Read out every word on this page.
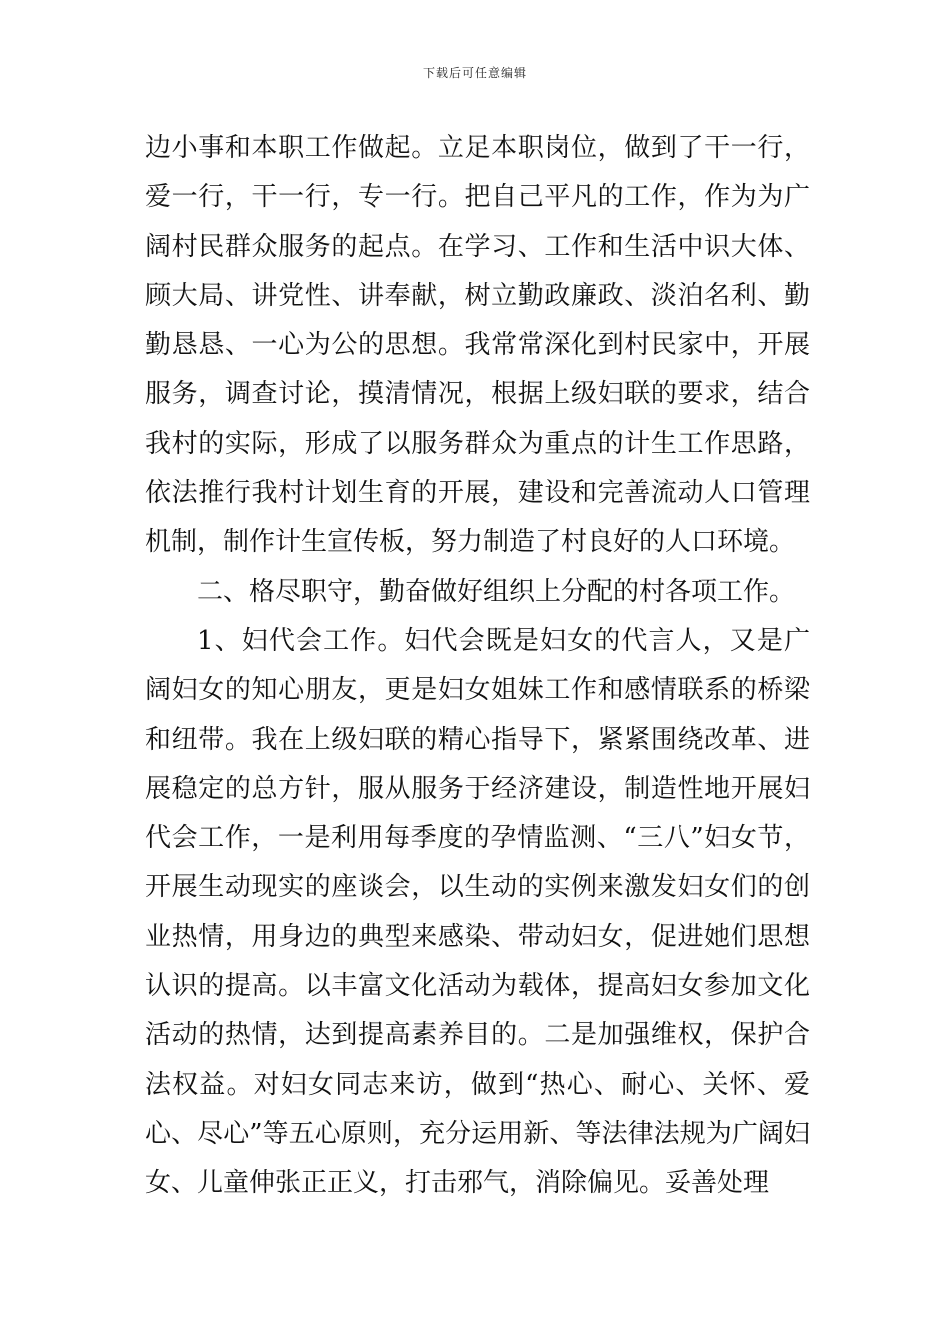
下载后可任意编辑

边小事和本职工作做起。立足本职岗位，做到了干一行，爱一行，干一行，专一行。把自己平凡的工作，作为为广阔村民群众服务的起点。在学习、工作和生活中识大体、顾大局、讲党性、讲奉献，树立勤政廉政、淡泊名利、勤勤恳恳、一心为公的思想。我常常深化到村民家中，开展服务，调查讨论，摸清情况，根据上级妇联的要求，结合我村的实际，形成了以服务群众为重点的计生工作思路，依法推行我村计划生育的开展，建设和完善流动人口管理机制，制作计生宣传板，努力制造了村良好的人口环境。

二、格尽职守，勤奋做好组织上分配的村各项工作。

1、妇代会工作。妇代会既是妇女的代言人，又是广阔妇女的知心朋友，更是妇女姐妹工作和感情联系的桥梁和纽带。我在上级妇联的精心指导下，紧紧围绕改革、进展稳定的总方针，服从服务于经济建设，制造性地开展妇代会工作，一是利用每季度的孕情监测、“三八”妇女节，开展生动现实的座谈会，以生动的实例来激发妇女们的创业热情，用身边的典型来感染、带动妇女，促进她们思想认识的提高。以丰富文化活动为载体，提高妇女参加文化活动的热情，达到提高素养目的。二是加强维权，保护合法权益。对妇女同志来访，做到“热心、耐心、关怀、爱心、尽心”等五心原则，充分运用新、等法律法规为广阔妇女、儿童伸张正正义，打击邪气，消除偏见。妥善处理
